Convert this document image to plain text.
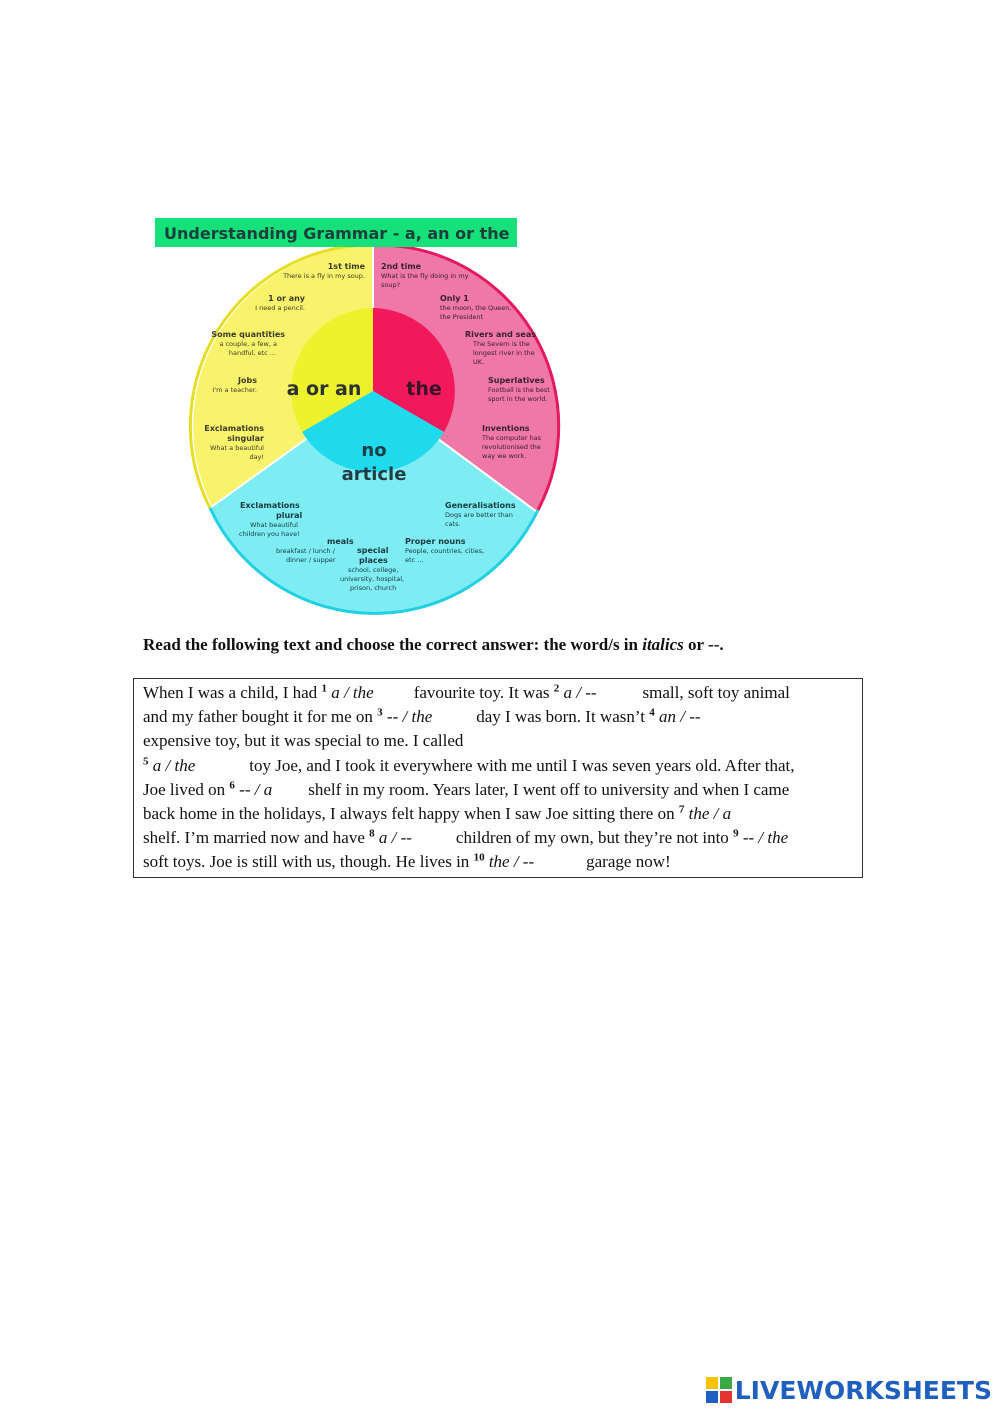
Understanding Grammar - a, an or the
a or an the
no
article
1st time
There is a fly in my soup.
1 or any
I need a pencil.
Some quantities
a couple, a few, a
handful, etc ...
Jobs
I'm a teacher.
Exclamations
singular
What a beautiful
day!
2nd time
What is the fly doing in my
soup?
Only 1
the moon, the Queen,
the President
Rivers and seas
The Severn is the
longest river in the
UK.
Superlatives
Football is the best
sport in the world.
Inventions
The computer has
revolutionised the
way we work.
Exclamations
plural
What beautiful
children you have!
meals
breakfast / lunch /
dinner / supper
special
places
school, college,
university, hospital,
prison, church
Proper nouns
People, countries, cities,
etc ...
Generalisations
Dogs are better than
cats.
Read the following text and choose the correct answer: the word/s in italics or --.
When I was a child, I had $^1$ a / the favourite toy. It was $^2$ a / --	small, soft toy animal
and my father bought it for me on $^3$ -- / the	day I was born. It wasn’t $^4$ an / --
expensive toy, but it was special to me. I called
$^5$ a / the	toy Joe, and I took it everywhere with me until I was seven years old. After that,
Joe lived on $^6$ -- / a shelf in my room. Years later, I went off to university and when I came
back home in the holidays, I always felt happy when I saw Joe sitting there on $^7$ the / a
shelf. I’m married now and have $^8$ a / --	children of my own, but they’re not into $^9$ -- / the
soft toys. Joe is still with us, though. He lives in $^{10}$ the / --	garage now!
LIVEWORKSHEETS
